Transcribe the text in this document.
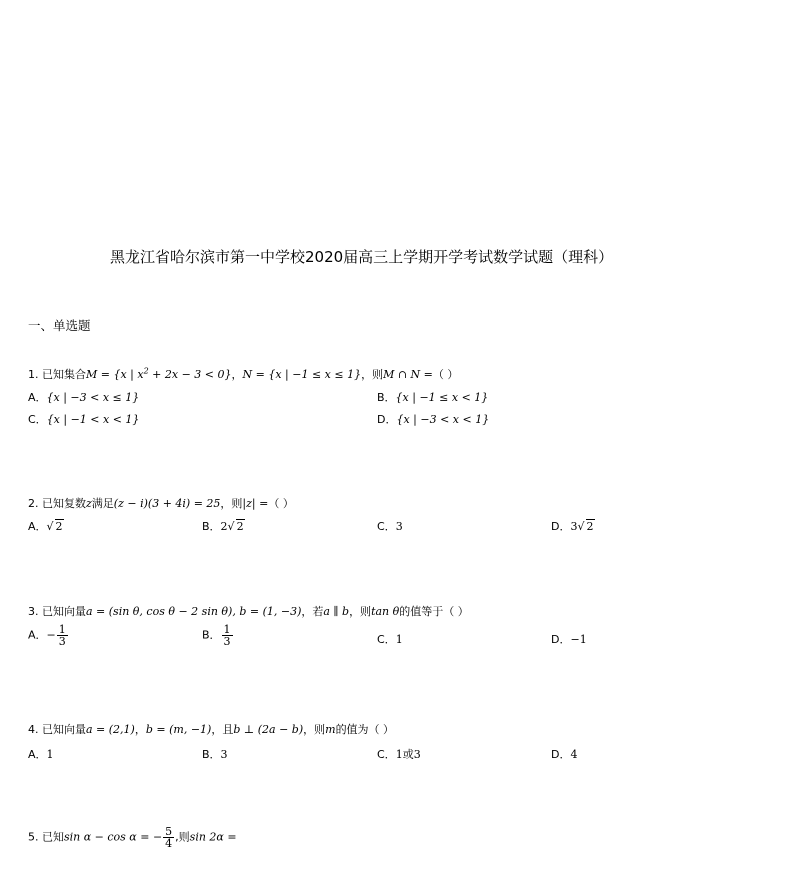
黑龙江省哈尔滨市第一中学校2020届高三上学期开学考试数学试题（理科）
一、单选题
1. 已知集合M = {x | $x^2 + 2x - 3 < 0$}，N = {x | −1 ≤ x ≤ 1}，则M ∩ N =（ ）
A．{x | −3 < x ≤ 1}	B．{x | −1 ≤ x < 1}
C．{x | −1 < x < 1}	D．{x | −3 < x < 1}
2. 已知复数z满足(z − i)(3 + 4i) = 25，则|z| =（ ）
A．√ 2	B．2√ 2	C．3	D．3√ 2
3. 已知向量a = (sin θ, cos θ − 2 sin θ), b = (1, −3)，若a ∥ b，则tan θ的值等于（ ）
A．− $\frac{1}{3}$	B． $\frac{1}{3}$	C．1	D．−1
4. 已知向量a = (2,1)，b = (m, −1)，且b ⊥ (2a − b)，则m的值为（ ）
A．1	B．3	C．1或3	D．4
5. 已知sin α − cos α = − $\frac{5}{4}$ ,则sin 2α =
